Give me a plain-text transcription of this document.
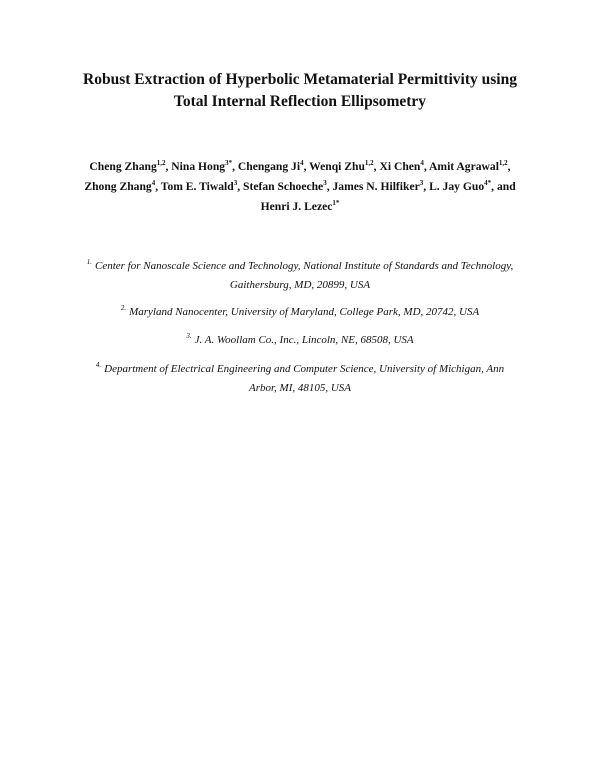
Robust Extraction of Hyperbolic Metamaterial Permittivity using
Total Internal Reflection Ellipsometry
Cheng Zhang$^{1,2}$, Nina Hong$^{3*}$, Chengang Ji$^4$, Wenqi Zhu$^{1,2}$, Xi Chen$^4$, Amit Agrawal$^{1,2}$,
Zhong Zhang$^4$, Tom E. Tiwald$^3$, Stefan Schoeche$^3$, James N. Hilfiker$^3$, L. Jay Guo$^{4*}$, and
Henri J. Lezec$^{1*}$
$^{1.}$ Center for Nanoscale Science and Technology, National Institute of Standards and Technology,
Gaithersburg, MD, 20899, USA
$^{2.}$ Maryland Nanocenter, University of Maryland, College Park, MD, 20742, USA
$^{3.}$ J. A. Woollam Co., Inc., Lincoln, NE, 68508, USA
$^{4.}$ Department of Electrical Engineering and Computer Science, University of Michigan, Ann
Arbor, MI, 48105, USA
